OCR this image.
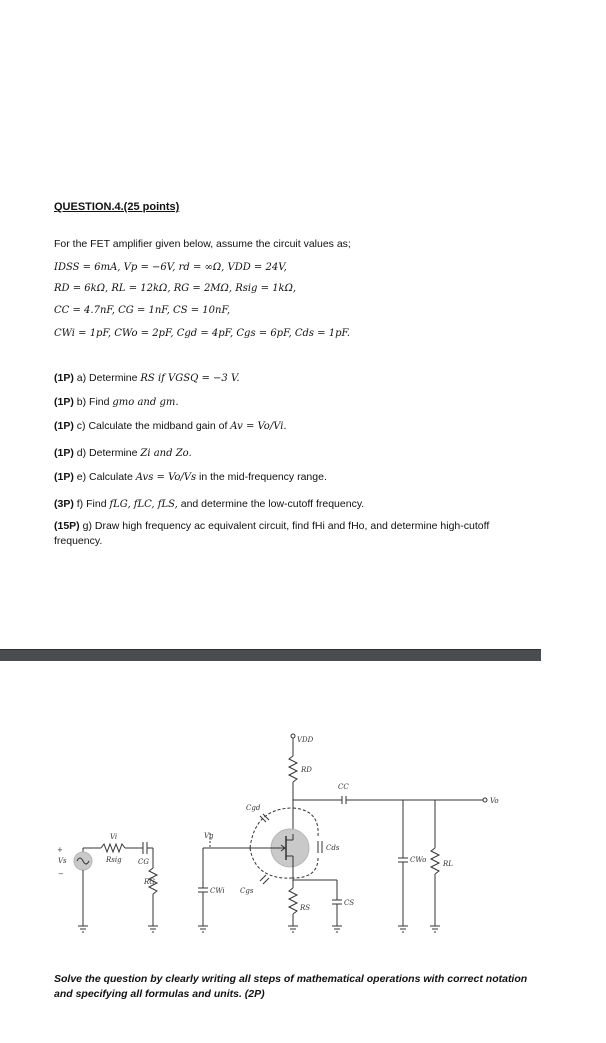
QUESTION.4.(25 points)
For the FET amplifier given below, assume the circuit values as;
IDSS = 6mA, Vp = −6V, rd = ∞Ω, VDD = 24V,
RD = 6kΩ, RL = 12kΩ, RG = 2MΩ, Rsig = 1kΩ,
CC = 4.7nF, CG = 1nF, CS = 10nF,
CWi = 1pF, CWo = 2pF, Cgd = 4pF, Cgs = 6pF, Cds = 1pF.
(1P) a) Determine RS if VGSQ = −3 V.
(1P) b) Find gmo and gm.
(1P) c) Calculate the midband gain of Av = Vo/Vi.
(1P) d) Determine Zi and Zo.
(1P) e) Calculate Avs = Vo/Vs in the mid-frequency range.
(3P) f) Find fLG, fLC, fLS, and determine the low-cutoff frequency.
(15P) g) Draw high frequency ac equivalent circuit, find fHi and fHo, and determine high-cutoff frequency.
VDD
RD
CC
Vo
Cgd
Vg
Vi
Rsig CG
RG
CWi Cgs
Cds
RS
CS
CWo RL
Vs
+
−
Solve the question by clearly writing all steps of mathematical operations with correct notation and specifying all formulas and units. (2P)
